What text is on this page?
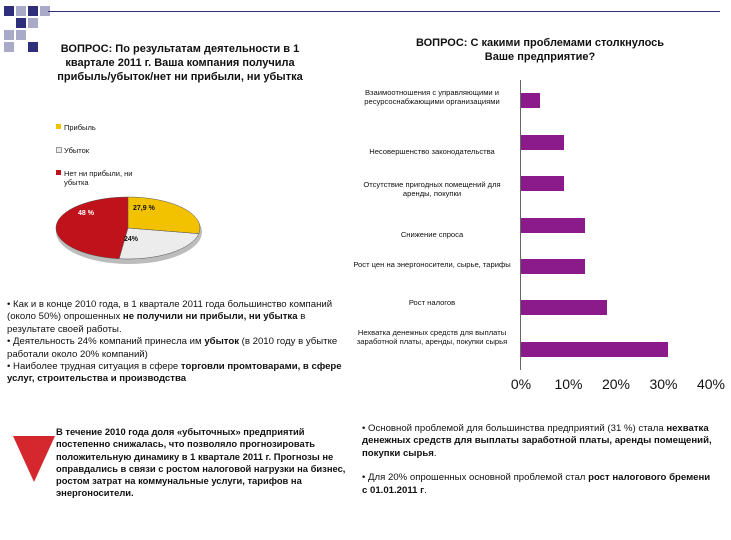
ВОПРОС: По результатам деятельности в 1
квартале 2011 г. Ваша компания получила
прибыль/убыток/нет ни прибыли, ни убытка
ВОПРОС: С какими проблемами столкнулось
Ваше предприятие?
Прибыль
Убыток
Нет ни прибыли, ни убытка
27,9 %
24%
48 %
• Как и в конце 2010 года, в 1 квартале 2011 года большинство компаний (около 50%) опрошенных не получили ни прибыли, ни убытка в результате своей работы.
• Деятельность 24% компаний принесла им убыток (в 2010 году в убытке работали около 20% компаний)
• Наиболее трудная ситуация в сфере торговли промтоварами, в сфере услуг, строительства и производства
Взаимоотношения с управляющими и ресурсоснабжающими организациями
Несовершенство законодательства
Отсутствие пригодных помещений для аренды, покупки
Снижение спроса
Рост цен на энергоносители, сырье, тарифы
Рост налогов
Нехватка денежных средств для выплаты заработной платы, аренды, покупки сырья
0%	10%	20%	30%	40%
В течение 2010 года доля «убыточных» предприятий постепенно снижалась, что позволяло прогнозировать положительную динамику в 1 квартале 2011 г. Прогнозы не оправдались в связи с ростом налоговой нагрузки на бизнес, ростом затрат на коммунальные услуги, тарифов на энергоносители.
• Основной проблемой для большинства предприятий (31 %) стала нехватка денежных средств для выплаты заработной платы, аренды помещений, покупки сырья.
• Для 20% опрошенных основной проблемой стал рост налогового бремени с 01.01.2011 г.
